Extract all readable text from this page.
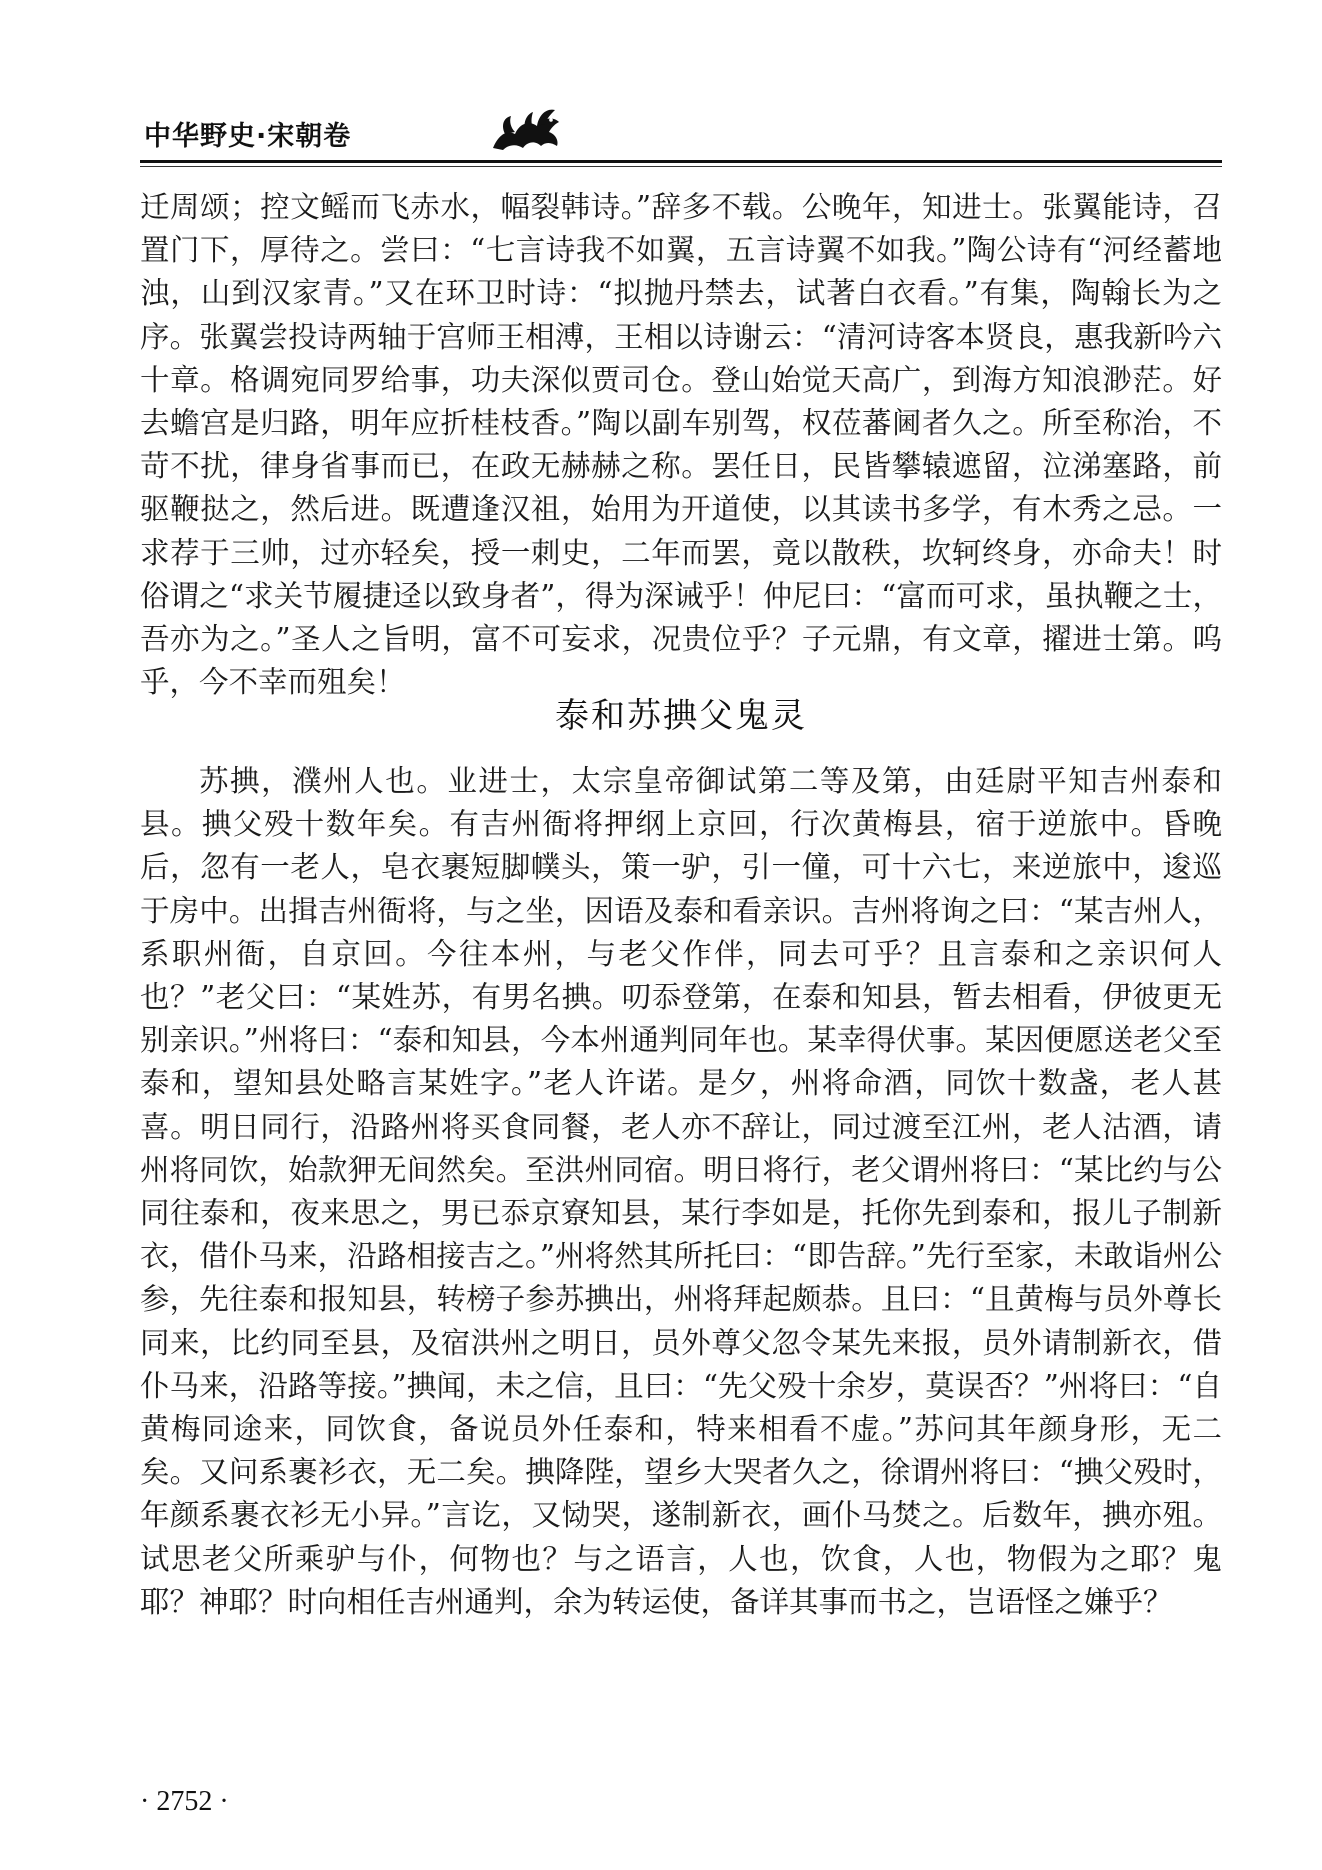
中华野史·宋朝卷

迁周颂；控文鳐而飞赤水，幅裂韩诗。”辞多不载。公晚年，知进士。张翼能诗，召置门下，厚待之。尝曰：“七言诗我不如翼，五言诗翼不如我。”陶公诗有“河经蓄地浊，山到汉家青。”又在环卫时诗：“拟抛丹禁去，试著白衣看。”有集，陶翰长为之序。张翼尝投诗两轴于宫师王相溥，王相以诗谢云：“清河诗客本贤良，惠我新吟六十章。格调宛同罗给事，功夫深似贾司仓。登山始觉天高广，到海方知浪渺茫。好去蟾宫是归路，明年应折桂枝香。”陶以副车别驾，权莅蕃阃者久之。所至称治，不苛不扰，律身省事而已，在政无赫赫之称。罢任日，民皆攀辕遮留，泣涕塞路，前驱鞭挞之，然后进。既遭逢汉祖，始用为开道使，以其读书多学，有木秀之忌。一求荐于三帅，过亦轻矣，授一刺史，二年而罢，竟以散秩，坎轲终身，亦命夫！时俗谓之“求关节履捷迳以致身者”，得为深诫乎！仲尼曰：“富而可求，虽执鞭之士，吾亦为之。”圣人之旨明，富不可妄求，况贵位乎？子元鼎，有文章，擢进士第。呜乎，今不幸而殂矣！

泰和苏捵父鬼灵

苏捵，濮州人也。业进士，太宗皇帝御试第二等及第，由廷尉平知吉州泰和县。捵父殁十数年矣。有吉州衙将押纲上京回，行次黄梅县，宿于逆旅中。昏晚后，忽有一老人，皂衣裹短脚幞头，策一驴，引一僮，可十六七，来逆旅中，逡巡于房中。出揖吉州衙将，与之坐，因语及泰和看亲识。吉州将询之曰：“某吉州人，系职州衙，自京回。今往本州，与老父作伴，同去可乎？且言泰和之亲识何人也？”老父曰：“某姓苏，有男名捵。叨忝登第，在泰和知县，暂去相看，伊彼更无别亲识。”州将曰：“泰和知县，今本州通判同年也。某幸得伏事。某因便愿送老父至泰和，望知县处略言某姓字。”老人许诺。是夕，州将命酒，同饮十数盏，老人甚喜。明日同行，沿路州将买食同餐，老人亦不辞让，同过渡至江州，老人沽酒，请州将同饮，始款狎无间然矣。至洪州同宿。明日将行，老父谓州将曰：“某比约与公同往泰和，夜来思之，男已忝京寮知县，某行李如是，托你先到泰和，报儿子制新衣，借仆马来，沿路相接吉之。”州将然其所托曰：“即告辞。”先行至家，未敢诣州公参，先往泰和报知县，转榜子参苏捵出，州将拜起颇恭。且曰：“且黄梅与员外尊长同来，比约同至县，及宿洪州之明日，员外尊父忽令某先来报，员外请制新衣，借仆马来，沿路等接。”捵闻，未之信，且曰：“先父殁十余岁，莫误否？”州将曰：“自黄梅同途来，同饮食，备说员外任泰和，特来相看不虚。”苏问其年颜身形，无二矣。又问系裹衫衣，无二矣。捵降陛，望乡大哭者久之，徐谓州将曰：“捵父殁时，年颜系裹衣衫无小异。”言讫，又恸哭，遂制新衣，画仆马焚之。后数年，捵亦殂。试思老父所乘驴与仆，何物也？与之语言，人也，饮食，人也，物假为之耶？鬼耶？神耶？时向相任吉州通判，余为转运使，备详其事而书之，岂语怪之嫌乎？

· 2752 ·
